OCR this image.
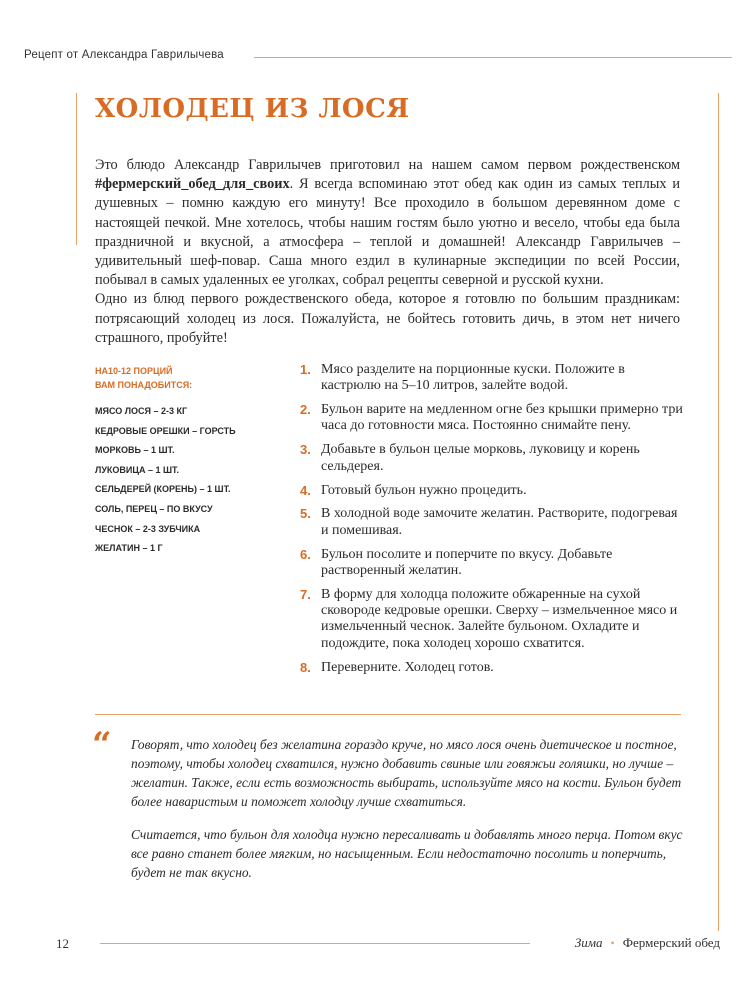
Рецепт от Александра Гаврилычева
ХОЛОДЕЦ ИЗ ЛОСЯ

Это блюдо Александр Гаврилычев приготовил на нашем самом первом рождественском #фермерский_обед_для_своих. Я всегда вспоминаю этот обед как один из самых теплых и душевных – помню каждую его минуту! Все проходило в большом деревянном доме с настоящей печкой. Мне хотелось, чтобы нашим гостям было уютно и весело, чтобы еда была праздничной и вкусной, а атмосфера – теплой и домашней! Александр Гаврилычев – удивительный шеф-повар. Саша много ездил в кулинарные экспедиции по всей России, побывал в самых удаленных ее уголках, собрал рецепты северной и русской кухни.

Одно из блюд первого рождественского обеда, которое я готовлю по большим праздникам: потрясающий холодец из лося. Пожалуйста, не бойтесь готовить дичь, в этом нет ничего страшного, пробуйте!

НА10-12 ПОРЦИЙ
ВАМ ПОНАДОБИТСЯ:
МЯСО ЛОСЯ – 2-3 КГ
КЕДРОВЫЕ ОРЕШКИ – ГОРСТЬ
МОРКОВЬ – 1 ШТ.
ЛУКОВИЦА – 1 ШТ.
СЕЛЬДЕРЕЙ (КОРЕНЬ) – 1 ШТ.
СОЛЬ, ПЕРЕЦ – ПО ВКУСУ
ЧЕСНОК – 2-3 ЗУБЧИКА
ЖЕЛАТИН – 1 Г
1. Мясо разделите на порционные куски. Положите в кастрюлю на 5–10 литров, залейте водой.
2. Бульон варите на медленном огне без крышки примерно три часа до готовности мяса. Постоянно снимайте пену.
3. Добавьте в бульон целые морковь, луковицу и корень сельдерея.
4. Готовый бульон нужно процедить.
5. В холодной воде замочите желатин. Растворите, подогревая и помешивая.
6. Бульон посолите и поперчите по вкусу. Добавьте растворенный желатин.
7. В форму для холодца положите обжаренные на сухой сковороде кедровые орешки. Сверху – измельченное мясо и измельченный чеснок. Залейте бульоном. Охладите и подождите, пока холодец хорошо схватится.
8. Переверните. Холодец готов.
“ Говорят, что холодец без желатина гораздо круче, но мясо лося очень диетическое и постное, поэтому, чтобы холодец схватился, нужно добавить свиные или говяжьи голяшки, но лучше – желатин. Также, если есть возможность выбирать, используйте мясо на кости. Бульон будет более наваристым и поможет холодцу лучше схватиться.

Считается, что бульон для холодца нужно пересаливать и добавлять много перца. Потом вкус все равно станет более мягким, но насыщенным. Если недостаточно посолить и поперчить, будет не так вкусно.

12	Зима • Фермерский обед
